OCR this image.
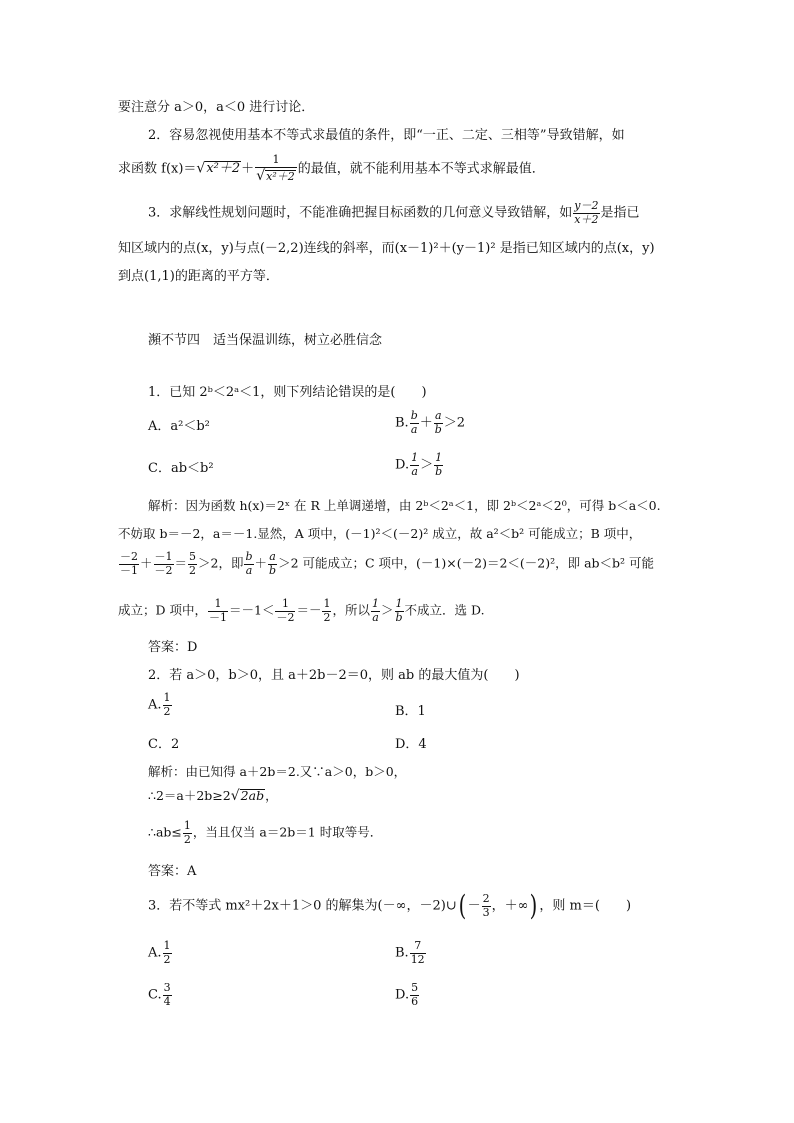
要注意分 a＞0，a＜0 进行讨论．
2．容易忽视使用基本不等式求最值的条件，即“一正、二定、三相等”导致错解，如
求函数 $f(x)=√x^2+2+ \frac{1}{\text{√x²＋2}}$ 的最值，就不能利用基本不等式求解最值．
3．求解线性规划问题时，不能准确把握目标函数的几何意义导致错解，如 $\frac{y-2}{x+2}$ 是指已
知区域内的点(x，y)与点(－2,2)连线的斜率，而(x－1)²＋(y－1)² 是指已知区域内的点(x，y)
到点(1,1)的距离的平方等．
瀕不节四　适当保温训练，树立必胜信念
1．已知 2ᵇ＜2ᵃ＜1，则下列结论错误的是(　　)
A．a²＜b²	B. $\frac{b}{a} + \frac{a}{b} >2$
C．ab＜b²	D. $\frac{1}{a} > \frac{1}{b}$
解析：因为函数 h(x)＝2ˣ 在 R 上单调递增，由 2ᵇ＜2ᵃ＜1，即 2ᵇ＜2ᵃ＜2⁰，可得 b＜a＜0.
不妨取 b＝－2，a＝－1.显然，A 项中，(－1)²＜(－2)² 成立，故 a²＜b² 可能成立；B 项中，
$\frac{-2}{-1} + \frac{-1}{-2} = \frac{5}{2} >2$，即 $\frac{b}{a} + \frac{a}{b} >2$ 可能成立；C 项中，(－1)×(－2)＝2＜(－2)²，即 ab＜b² 可能
成立；D 项中， $\frac{1}{-1} =-1< \frac{1}{-2} =- \frac{1}{2}$ ，所以 $\frac{1}{a} > \frac{1}{b}$ 不成立．选 D.
答案：D
2．若 a＞0，b＞0，且 a＋2b－2＝0，则 ab 的最大值为(　　)
A. $\frac{1}{2}$	B．1
C．2	D．4
解析：由已知得 a＋2b＝2.又∵a＞0，b＞0，
∴2＝a＋2b≥2√2ab，
∴ab≤ $\frac{1}{2}$ ，当且仅当 a＝2b＝1 时取等号．
答案：A
3．若不等式 mx²＋2x＋1＞0 的解集为(－∞，－2)∪( － $\frac{2}{3}$ ，＋∞) ，则 m＝(　　)
A. $\frac{1}{2}$	B. $\frac{7}{12}$
C. $\frac{3}{4}$	D. $\frac{5}{6}$
